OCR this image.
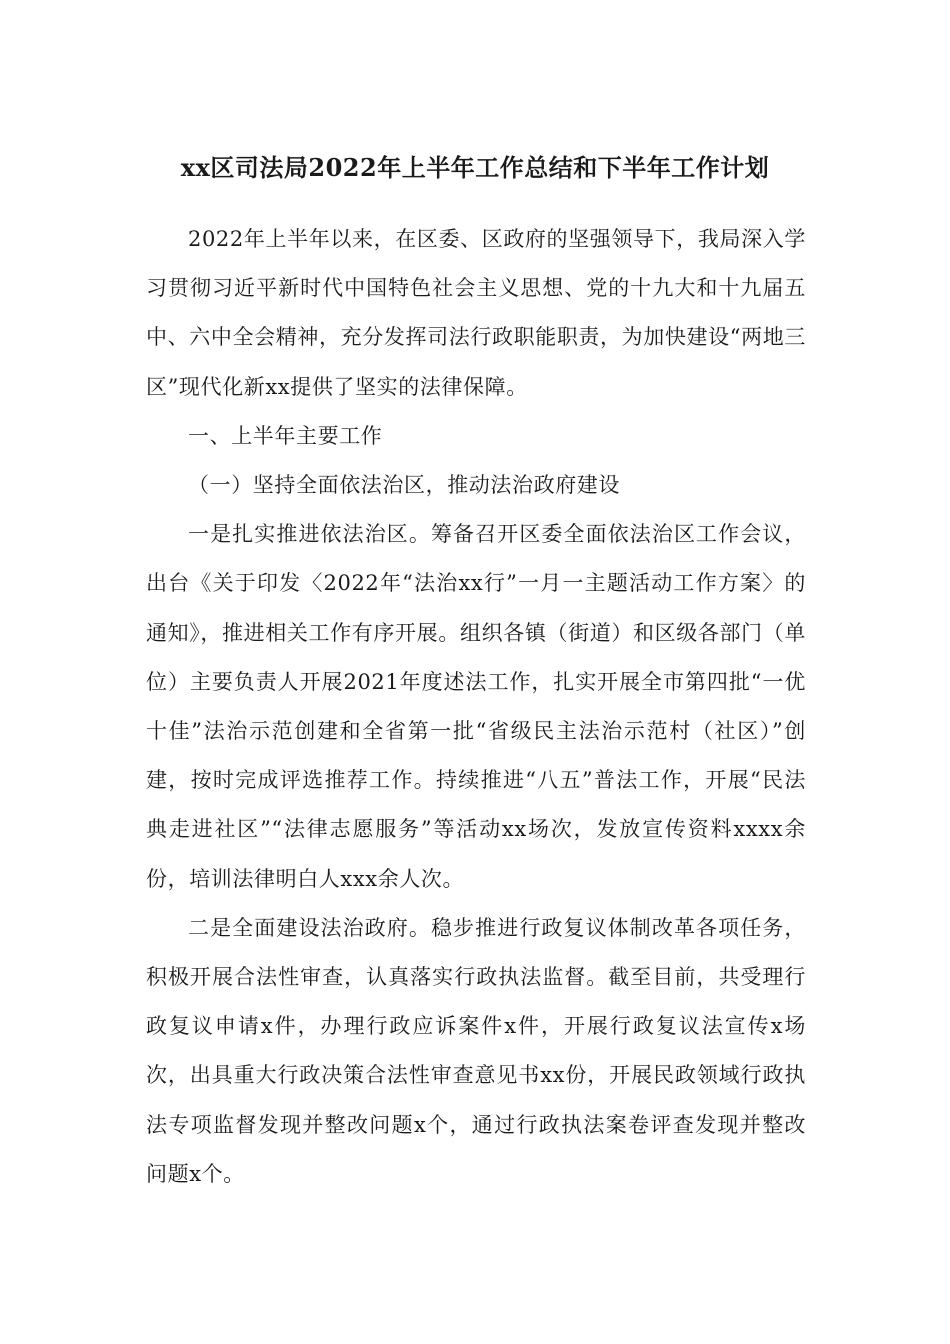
xx区司法局2022年上半年工作总结和下半年工作计划

2022年上半年以来，在区委、区政府的坚强领导下，我局深入学习贯彻习近平新时代中国特色社会主义思想、党的十九大和十九届五中、六中全会精神，充分发挥司法行政职能职责，为加快建设“两地三区”现代化新xx提供了坚实的法律保障。

一、上半年主要工作

（一）坚持全面依法治区，推动法治政府建设

一是扎实推进依法治区。筹备召开区委全面依法治区工作会议，出台《关于印发〈2022年“法治xx行”一月一主题活动工作方案〉的通知》，推进相关工作有序开展。组织各镇（街道）和区级各部门（单位）主要负责人开展2021年度述法工作，扎实开展全市第四批“一优十佳”法治示范创建和全省第一批“省级民主法治示范村（社区）”创建，按时完成评选推荐工作。持续推进“八五”普法工作，开展“民法典走进社区”“法律志愿服务”等活动xx场次，发放宣传资料xxxx余份，培训法律明白人xxx余人次。

二是全面建设法治政府。稳步推进行政复议体制改革各项任务，积极开展合法性审查，认真落实行政执法监督。截至目前，共受理行政复议申请x件，办理行政应诉案件x件，开展行政复议法宣传x场次，出具重大行政决策合法性审查意见书xx份，开展民政领域行政执法专项监督发现并整改问题x个，通过行政执法案卷评查发现并整改问题x个。
